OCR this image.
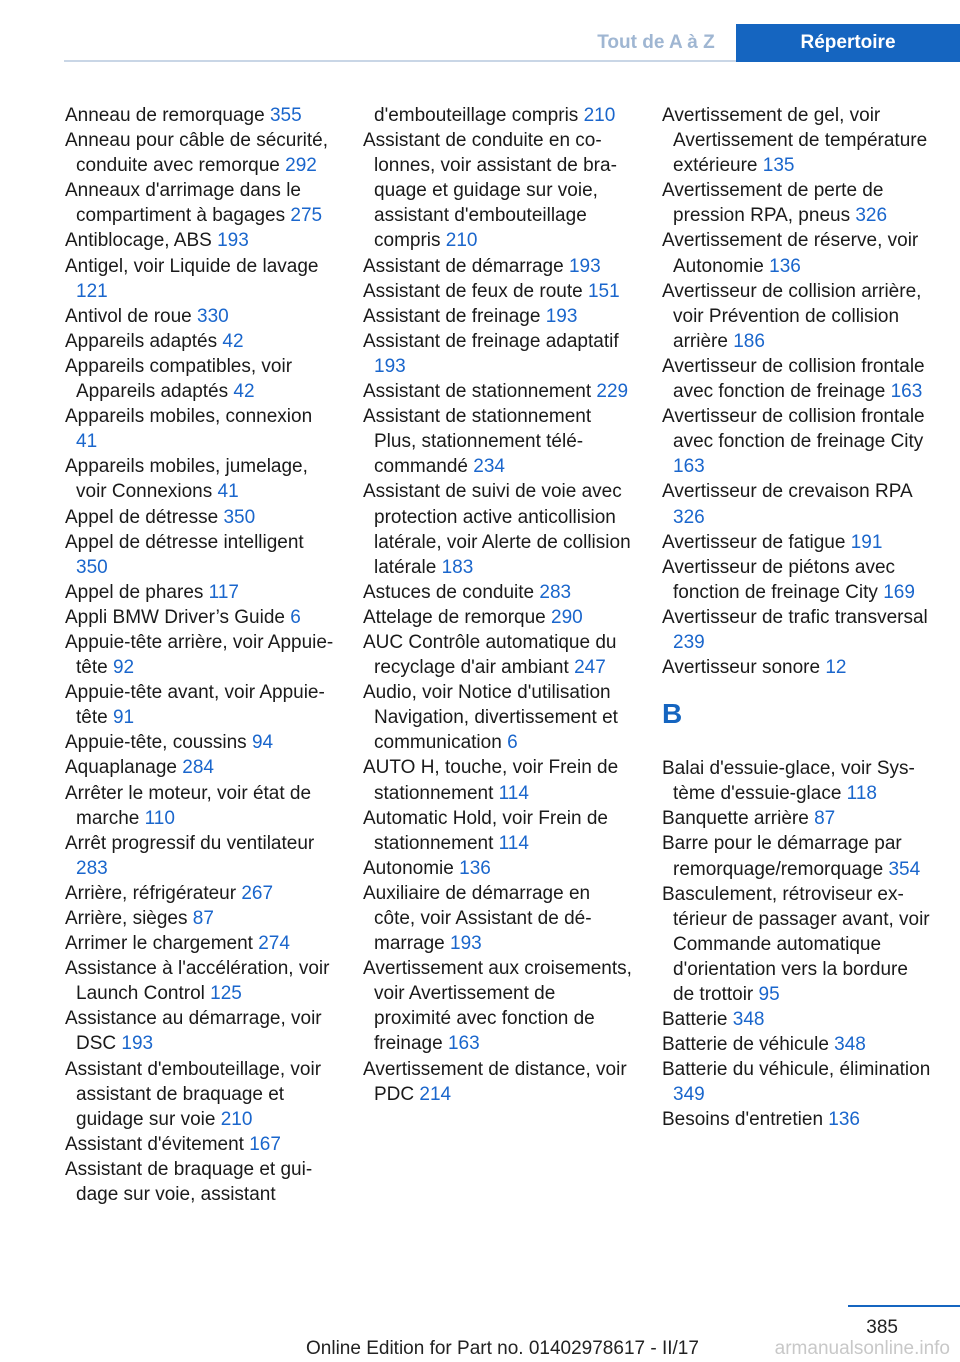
Tout de A à Z	Répertoire
Anneau de remorquage 355
Anneau pour câble de sécurité, conduite avec remorque 292
Anneaux d'arrimage dans le compartiment à bagages 275
Antiblocage, ABS 193
Antigel, voir Liquide de lavage 121
Antivol de roue 330
Appareils adaptés 42
Appareils compatibles, voir Appareils adaptés 42
Appareils mobiles, connexion 41
Appareils mobiles, jumelage, voir Connexions 41
Appel de détresse 350
Appel de détresse intelligent 350
Appel de phares 117
Appli BMW Driver’s Guide 6
Appuie-tête arrière, voir Appuie-tête 92
Appuie-tête avant, voir Appuie-tête 91
Appuie-tête, coussins 94
Aquaplanage 284
Arrêter le moteur, voir état de marche 110
Arrêt progressif du ventilateur 283
Arrière, réfrigérateur 267
Arrière, sièges 87
Arrimer le chargement 274
Assistance à l'accélération, voir Launch Control 125
Assistance au démarrage, voir DSC 193
Assistant d'embouteillage, voir assistant de braquage et guidage sur voie 210
Assistant d'évitement 167
Assistant de braquage et guidage sur voie, assistant
d'embouteillage compris 210
Assistant de conduite en colonnes, voir assistant de braquage et guidage sur voie, assistant d'embouteillage compris 210
Assistant de démarrage 193
Assistant de feux de route 151
Assistant de freinage 193
Assistant de freinage adaptatif 193
Assistant de stationnement 229
Assistant de stationnement Plus, stationnement télécommandé 234
Assistant de suivi de voie avec protection active anticollision latérale, voir Alerte de collision latérale 183
Astuces de conduite 283
Attelage de remorque 290
AUC Contrôle automatique du recyclage d'air ambiant 247
Audio, voir Notice d'utilisation Navigation, divertissement et communication 6
AUTO H, touche, voir Frein de stationnement 114
Automatic Hold, voir Frein de stationnement 114
Autonomie 136
Auxiliaire de démarrage en côte, voir Assistant de démarrage 193
Avertissement aux croisements, voir Avertissement de proximité avec fonction de freinage 163
Avertissement de distance, voir PDC 214
Avertissement de gel, voir Avertissement de température extérieure 135
Avertissement de perte de pression RPA, pneus 326
Avertissement de réserve, voir Autonomie 136
Avertisseur de collision arrière, voir Prévention de collision arrière 186
Avertisseur de collision frontale avec fonction de freinage 163
Avertisseur de collision frontale avec fonction de freinage City 163
Avertisseur de crevaison RPA 326
Avertisseur de fatigue 191
Avertisseur de piétons avec fonction de freinage City 169
Avertisseur de trafic transversal 239
Avertisseur sonore 12
B
Balai d'essuie-glace, voir Système d'essuie-glace 118
Banquette arrière 87
Barre pour le démarrage par remorquage/remorquage 354
Basculement, rétroviseur extérieur de passager avant, voir Commande automatique d'orientation vers la bordure de trottoir 95
Batterie 348
Batterie de véhicule 348
Batterie du véhicule, élimination 349
Besoins d'entretien 136
385
Online Edition for Part no. 01402978617 - II/17	armanualsonline.info
